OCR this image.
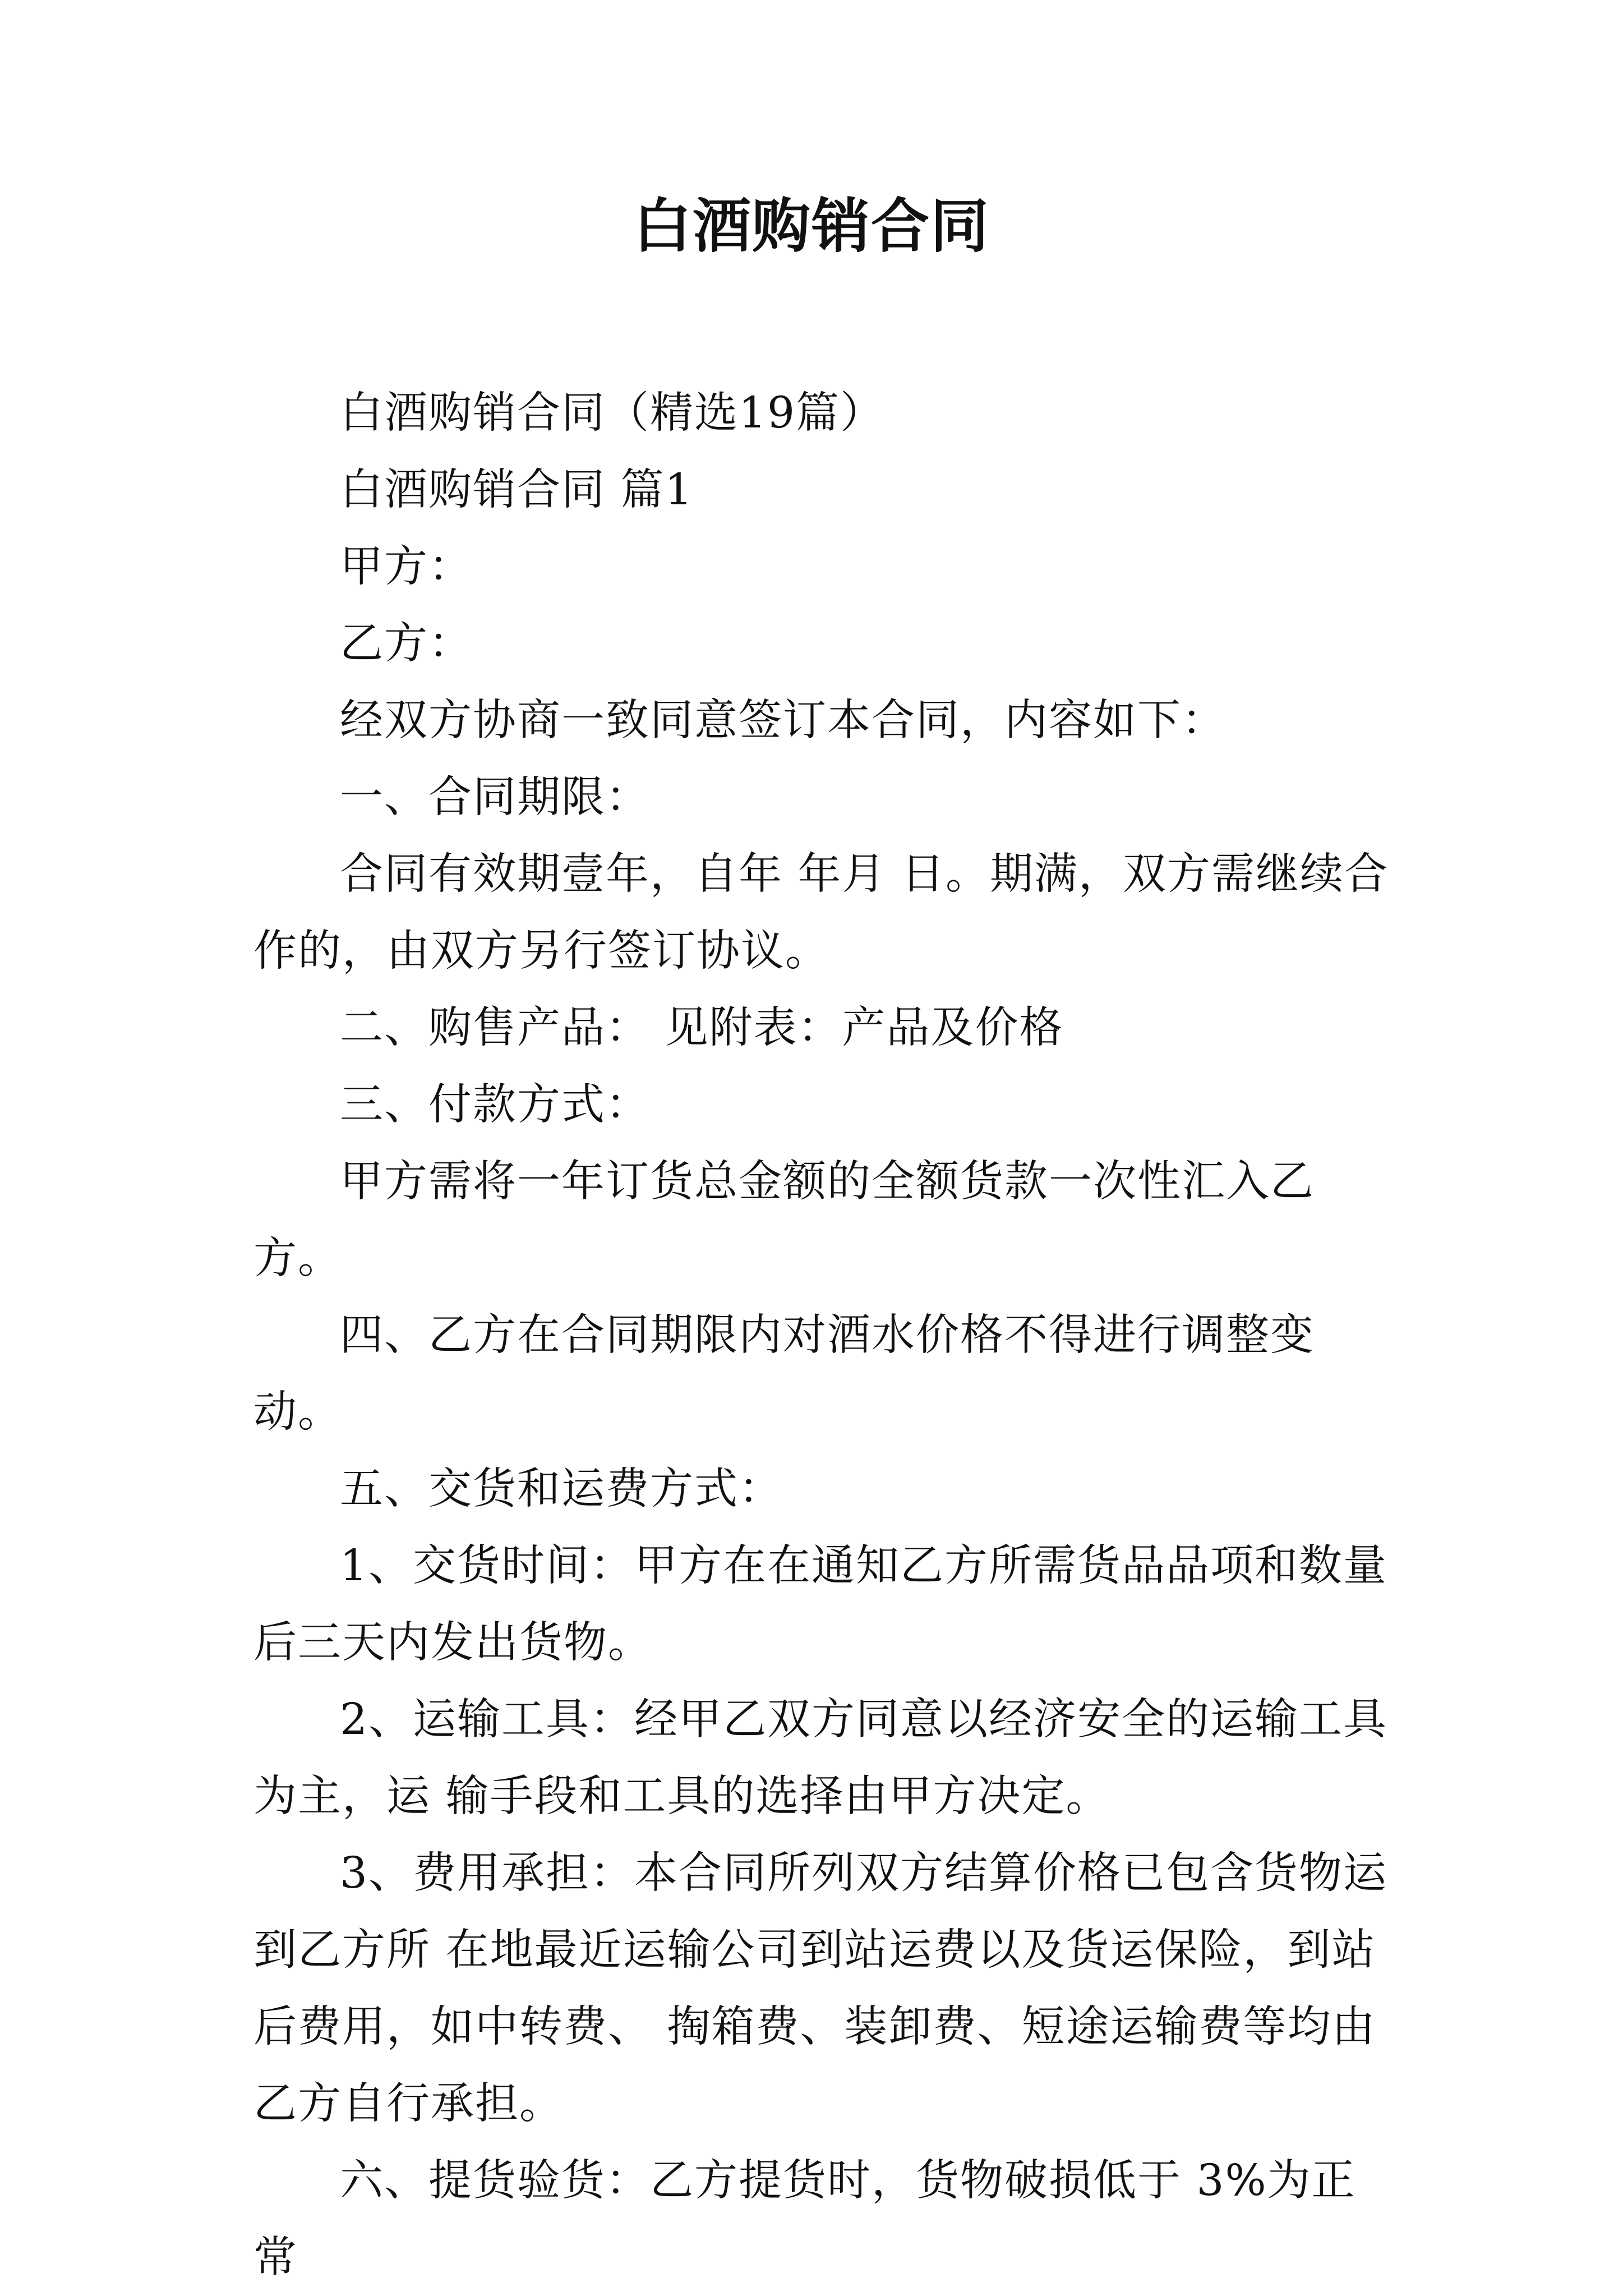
白酒购销合同

白酒购销合同（精选19篇）

白酒购销合同 篇1

甲方：

乙方：

经双方协商一致同意签订本合同，内容如下：

一、合同期限：

合同有效期壹年，自年 年月 日。期满，双方需继续合作的，由双方另行签订协议。

二、购售产品： 见附表：产品及价格

三、付款方式：

甲方需将一年订货总金额的全额货款一次性汇入乙方。

四、乙方在合同期限内对酒水价格不得进行调整变动。

五、交货和运费方式：

1、交货时间：甲方在在通知乙方所需货品品项和数量后三天内发出货物。

2、运输工具：经甲乙双方同意以经济安全的运输工具为主，运 输手段和工具的选择由甲方决定。

3、费用承担：本合同所列双方结算价格已包含货物运到乙方所 在地最近运输公司到站运费以及货运保险，到站后费用，如中转费、 掏箱费、装卸费、短途运输费等均由乙方自行承担。

六、提货验货：乙方提货时，货物破损低于 3%为正常
